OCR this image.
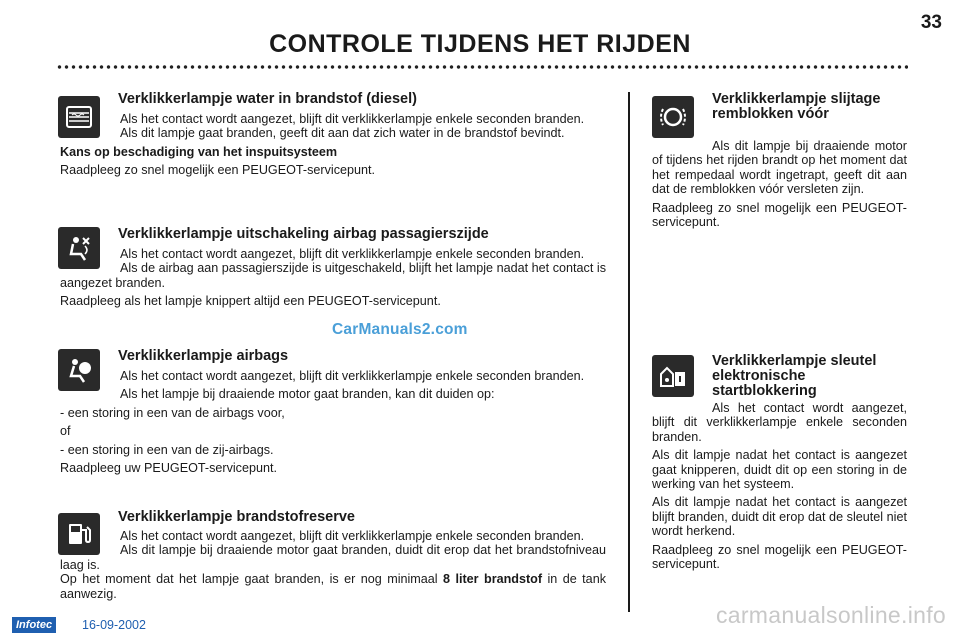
CONTROLE TIJDENS HET RIJDEN
33
Verklikkerlampje water in brandstof (diesel)

Als het contact wordt aangezet, blijft dit verklikkerlampje enkele seconden branden.

Als dit lampje gaat branden, geeft dit aan dat zich water in de brandstof bevindt.

Kans op beschadiging van het inspuitsysteem

Raadpleeg zo snel mogelijk een PEUGEOT-servicepunt.

Verklikkerlampje uitschakeling airbag passagierszijde

Als het contact wordt aangezet, blijft dit verklikkerlampje enkele seconden branden.

Als de airbag aan passagierszijde is uitgeschakeld, blijft het lampje nadat het contact is aangezet branden.

Raadpleeg als het lampje knippert altijd een PEUGEOT-servicepunt.

CarManuals2.com
Verklikkerlampje airbags

Als het contact wordt aangezet, blijft dit verklikkerlampje enkele seconden branden.

Als het lampje bij draaiende motor gaat branden, kan dit duiden op:

- een storing in een van de airbags voor,

of

- een storing in een van de zij-airbags.

Raadpleeg uw PEUGEOT-servicepunt.

Verklikkerlampje brandstofreserve

Als het contact wordt aangezet, blijft dit verklikkerlampje enkele seconden branden.

Als dit lampje bij draaiende motor gaat branden, duidt dit erop dat het brandstofniveau laag is.

Op het moment dat het lampje gaat branden, is er nog minimaal 8 liter brandstof in de tank aanwezig.

Verklikkerlampje slijtage remblokken vóór

Als dit lampje bij draaiende motor of tijdens het rijden brandt op het moment dat het rempedaal wordt ingetrapt, geeft dit aan dat de remblokken vóór versleten zijn.

Raadpleeg zo snel mogelijk een PEUGEOT-servicepunt.

Verklikkerlampje sleutel elektronische startblokkering

Als het contact wordt aangezet, blijft dit verklikkerlampje enkele seconden branden.

Als dit lampje nadat het contact is aangezet gaat knipperen, duidt dit op een storing in de werking van het systeem.

Als dit lampje nadat het contact is aangezet blijft branden, duidt dit erop dat de sleutel niet wordt herkend.

Raadpleeg zo snel mogelijk een PEUGEOT-servicepunt.

Infotec	16-09-2002	carmanualsonline.info
